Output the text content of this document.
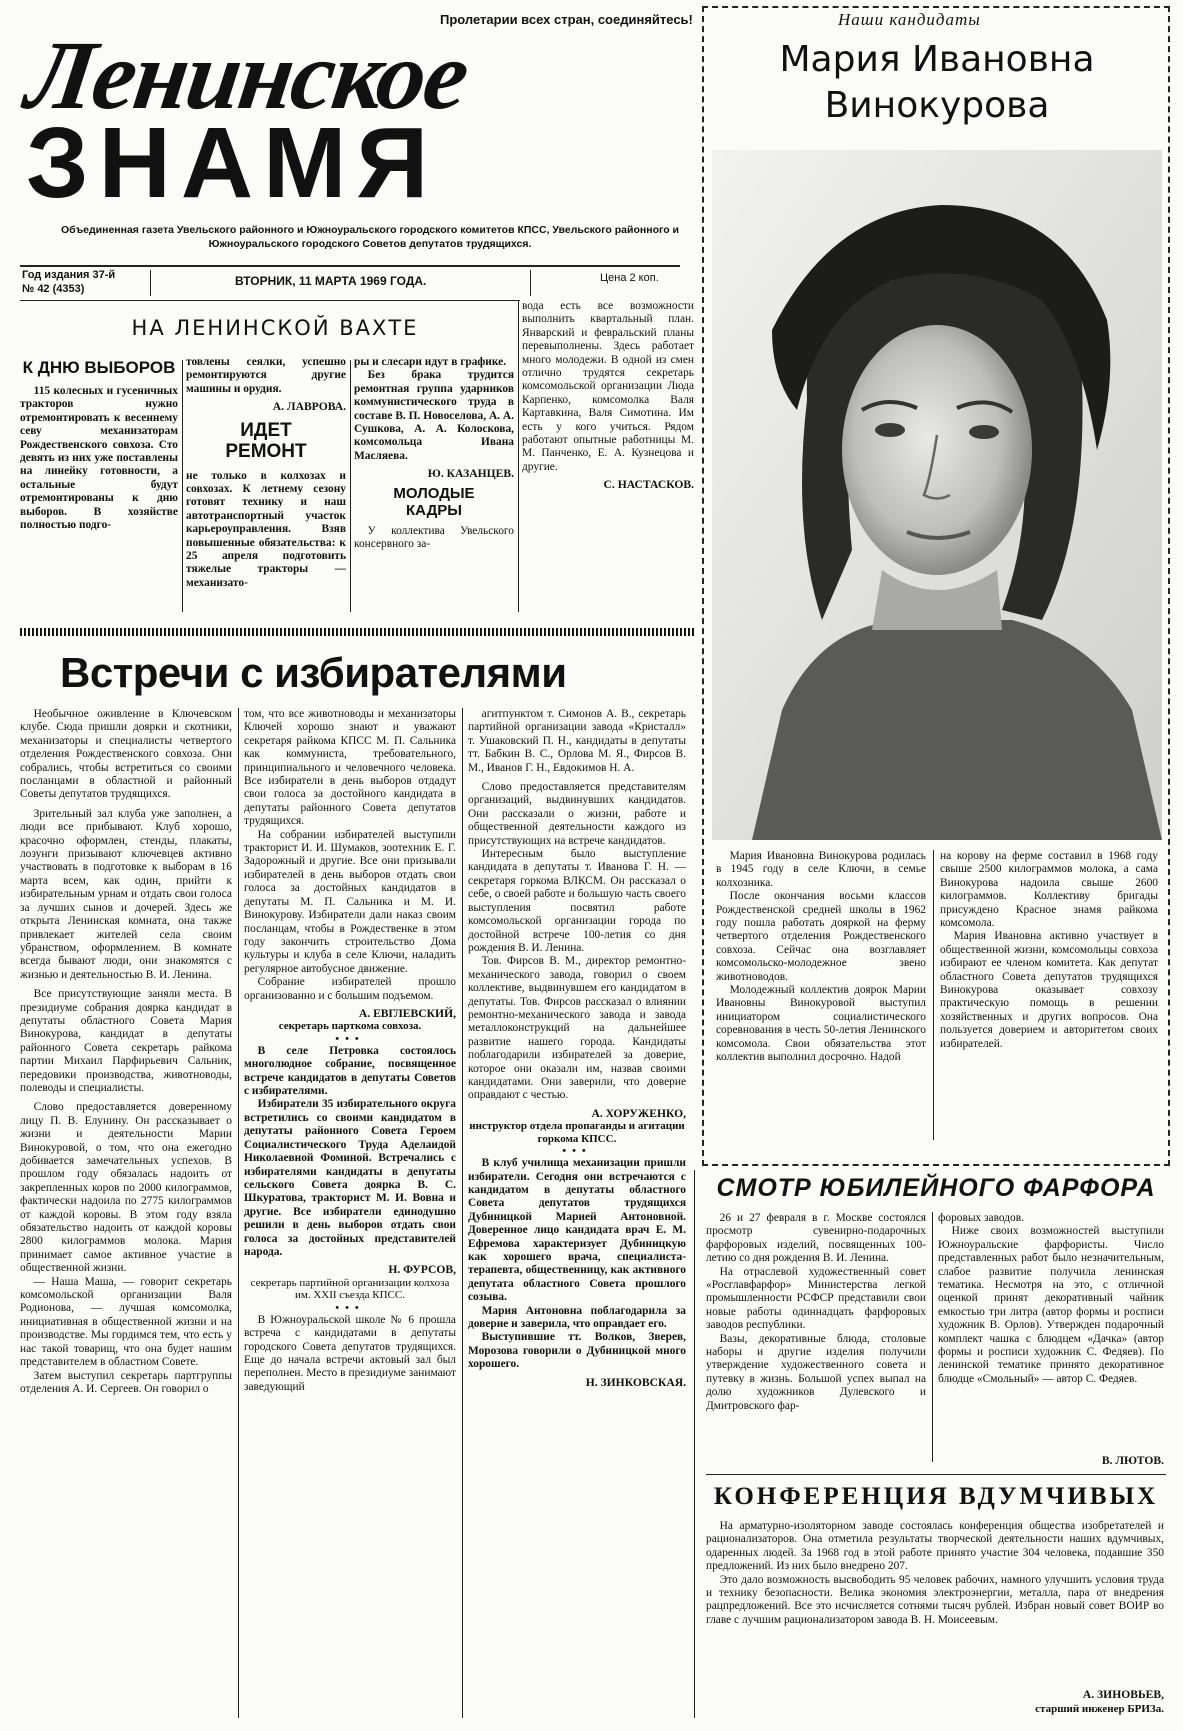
Пролетарии всех стран, соединяйтесь!
Ленинское
ЗНАМЯ
Объединенная газета Увельского районного и Южноуральского городского комитетов КПСС, Увельского районного и Южноуральского городского Советов депутатов трудящихся.
Год издания 37-й
№ 42 (4353)
ВТОРНИК, 11 МАРТА 1969 ГОДА.	Цена 2 коп.
Наши кандидаты
Мария Ивановна
Винокурова

Мария Ивановна Винокурова родилась в 1945 году в селе Ключи, в семье колхозника.

После окончания восьми классов Рождественской средней школы в 1962 году пошла работать дояркой на ферму четвертого отделения Рождественского совхоза. Сейчас она возглавляет комсомольско-молодежное звено животноводов.

Молодежный коллектив доярок Марии Ивановны Винокуровой выступил инициатором социалистического соревнования в честь 50-летия Ленинского комсомола. Свои обязательства этот коллектив выполнил досрочно. Надой

на корову на ферме составил в 1968 году свыше 2500 килограммов молока, а сама Винокурова надоила свыше 2600 килограммов. Коллективу бригады присуждено Красное знамя райкома комсомола.

Мария Ивановна активно участвует в общественной жизни, комсомольцы совхоза избирают ее членом комитета. Как депутат областного Совета депутатов трудящихся Винокурова оказывает совхозу практическую помощь в решении хозяйственных и других вопросов. Она пользуется доверием и авторитетом своих избирателей.

НА ЛЕНИНСКОЙ ВАХТЕ
К ДНЮ ВЫБОРОВ

115 колесных и гусеничных тракторов нужно отремонтировать к весеннему севу механизаторам Рождественского совхоза. Сто девять из них уже поставлены на линейку готовности, а остальные будут отремонтированы к дню выборов. В хозяйстве полностью подго-

товлены сеялки, успешно ремонтируются другие машины и орудия.

А. ЛАВРОВА.
ИДЕТ РЕМОНТ

не только в колхозах и совхозах. К летнему сезону готовят технику и наш автотранспортный участок карьероуправления. Взяв повышенные обязательства: к 25 апреля подготовить тяжелые тракторы — механизато-

ры и слесари идут в графике.

Без брака трудится ремонтная группа ударников коммунистического труда в составе В. П. Новоселова, А. А. Сушкова, А. А. Колоскова, комсомольца Ивана Масляева.

Ю. КАЗАНЦЕВ.
МОЛОДЫЕ КАДРЫ

У коллектива Увельского консервного за-

вода есть все возможности выполнить квартальный план. Январский и февральский планы перевыполнены. Здесь работает много молодежи. В одной из смен отлично трудятся секретарь комсомольской организации Люда Карпенко, комсомолка Валя Картавкина, Валя Симотина. Им есть у кого учиться. Рядом работают опытные работницы М. М. Панченко, Е. А. Кузнецова и другие.

С. НАСТАСКОВ.
Встречи с избирателями

Необычное оживление в Ключевском клубе. Сюда пришли доярки и скотники, механизаторы и специалисты четвертого отделения Рождественского совхоза. Они собрались, чтобы встретиться со своими посланцами в областной и районный Советы депутатов трудящихся.

Зрительный зал клуба уже заполнен, а люди все прибывают. Клуб хорошо, красочно оформлен, стенды, плакаты, лозунги призывают ключевцев активно участвовать в подготовке к выборам в 16 марта всем, как один, прийти к избирательным урнам и отдать свои голоса за лучших сынов и дочерей. Здесь же открыта Ленинская комната, она также привлекает жителей села своим убранством, оформлением. В комнате всегда бывают люди, они знакомятся с жизнью и деятельностью В. И. Ленина.

Все присутствующие заняли места. В президиуме собрания доярка кандидат в депутаты областного Совета Мария Винокурова, кандидат в депутаты районного Совета секретарь райкома партии Михаил Парфирьевич Сальник, передовики производства, животноводы, полеводы и специалисты.

Слово предоставляется доверенному лицу П. В. Елунину. Он рассказывает о жизни и деятельности Марии Винокуровой, о том, что она ежегодно добивается замечательных успехов. В прошлом году обязалась надоить от закрепленных коров по 2000 килограммов, фактически надоила по 2775 килограммов от каждой коровы. В этом году взяла обязательство надоить от каждой коровы 2800 килограммов молока. Мария принимает самое активное участие в общественной жизни.

— Наша Маша, — говорит секретарь комсомольской организации Валя Родионова, — лучшая комсомолка, инициативная в общественной жизни и на производстве. Мы гордимся тем, что есть у нас такой товарищ, что она будет нашим представителем в областном Совете.

Затем выступил секретарь партгруппы отделения А. И. Сергеев. Он говорил о

том, что все животноводы и механизаторы Ключей хорошо знают и уважают секретаря райкома КПСС М. П. Сальника как коммуниста, требовательного, принципиального и человечного человека. Все избиратели в день выборов отдадут свои голоса за достойного кандидата в депутаты районного Совета депутатов трудящихся.

На собрании избирателей выступили тракторист И. И. Шумаков, зоотехник Е. Г. Задорожный и другие. Все они призывали избирателей в день выборов отдать свои голоса за достойных кандидатов в депутаты М. П. Сальника и М. И. Винокурову. Избиратели дали наказ своим посланцам, чтобы в Рождественке в этом году закончить строительство Дома культуры и клуба в селе Ключи, наладить регулярное автобусное движение.

Собрание избирателей прошло организованно и с большим подъемом.

А. ЕВГЛЕВСКИЙ,
секретарь парткома совхоза.
•••

В селе Петровка состоялось многолюдное собрание, посвященное встрече кандидатов в депутаты Советов с избирателями.

Избиратели 35 избирательного округа встретились со своими кандидатом в депутаты районного Совета Героем Социалистического Труда Аделаидой Николаевной Фоминой. Встречались с избирателями кандидаты в депутаты сельского Совета доярка В. С. Шкуратова, тракторист М. И. Вовна и другие. Все избиратели единодушно решили в день выборов отдать свои голоса за достойных представителей народа.

Н. ФУРСОВ,
секретарь партийной организации колхоза им. XXII съезда КПСС.
•••

В Южноуральской школе № 6 прошла встреча с кандидатами в депутаты городского Совета депутатов трудящихся. Еще до начала встречи актовый зал был переполнен. Место в президиуме занимают заведующий

агитпунктом т. Симонов А. В., секретарь партийной организации завода «Кристалл» т. Ушаковский П. Н., кандидаты в депутаты тт. Бабкин В. С., Орлова М. Я., Фирсов В. М., Иванов Г. Н., Евдокимов Н. А.

Слово предоставляется представителям организаций, выдвинувших кандидатов. Они рассказали о жизни, работе и общественной деятельности каждого из присутствующих на встрече кандидатов.

Интересным было выступление кандидата в депутаты т. Иванова Г. Н. — секретаря горкома ВЛКСМ. Он рассказал о себе, о своей работе и большую часть своего выступления посвятил работе комсомольской организации города по достойной встрече 100-летия со дня рождения В. И. Ленина.

Тов. Фирсов В. М., директор ремонтно-механического завода, говорил о своем коллективе, выдвинувшем его кандидатом в депутаты. Тов. Фирсов рассказал о влиянии ремонтно-механического завода и завода металлоконструкций на дальнейшее развитие нашего города. Кандидаты поблагодарили избирателей за доверие, которое они оказали им, назвав своими кандидатами. Они заверили, что доверие оправдают с честью.

А. ХОРУЖЕНКО,
инструктор отдела пропаганды и агитации горкома КПСС.
•••

В клуб училища механизации пришли избиратели. Сегодня они встречаются с кандидатом в депутаты областного Совета депутатов трудящихся Дубиницкой Марией Антоновной. Доверенное лицо кандидата врач Е. М. Ефремова характеризует Дубиницкую как хорошего врача, специалиста-терапевта, общественницу, как активного депутата областного Совета прошлого созыва.

Мария Антоновна поблагодарила за доверие и заверила, что оправдает его.

Выступившие тт. Волков, Зверев, Морозова говорили о Дубиницкой много хорошего.

Н. ЗИНКОВСКАЯ.
СМОТР ЮБИЛЕЙНОГО ФАРФОРА

26 и 27 февраля в г. Москве состоялся просмотр сувенирно-подарочных фарфоровых изделий, посвященных 100-летию со дня рождения В. И. Ленина.

На отраслевой художественный совет «Росглавфарфор» Министерства легкой промышленности РСФСР представили свои новые работы одиннадцать фарфоровых заводов республики.

Вазы, декоративные блюда, столовые наборы и другие изделия получили утверждение художественного совета и путевку в жизнь. Большой успех выпал на долю художников Дулевского и Дмитровского фар-

форовых заводов.

Ниже своих возможностей выступили Южноуральские фарфористы. Число представленных работ было незначительным, слабое развитие получила ленинская тематика. Несмотря на это, с отличной оценкой принят декоративный чайник емкостью три литра (автор формы и росписи художник В. Орлов). Утвержден подарочный комплект чашка с блюдцем «Дачка» (автор формы и росписи художник С. Федяев). По ленинской тематике принято декоративное блюдце «Смольный» — автор С. Федяев.

В. ЛЮТОВ.
КОНФЕРЕНЦИЯ ВДУМЧИВЫХ

На арматурно-изоляторном заводе состоялась конференция общества изобретателей и рационализаторов. Она отметила результаты творческой деятельности наших вдумчивых, одаренных людей. За 1968 год в этой работе принято участие 304 человека, подавшие 350 предложений. Из них было внедрено 207.

Это дало возможность высвободить 95 человек рабочих, намного улучшить условия труда и технику безопасности. Велика экономия электроэнергии, металла, пара от внедрения рацпредложений. Все это исчисляется сотнями тысяч рублей. Избран новый совет ВОИР во главе с лучшим рационализатором завода В. Н. Моисеевым.

А. ЗИНОВЬЕВ,
старший инженер БРИЗа.
